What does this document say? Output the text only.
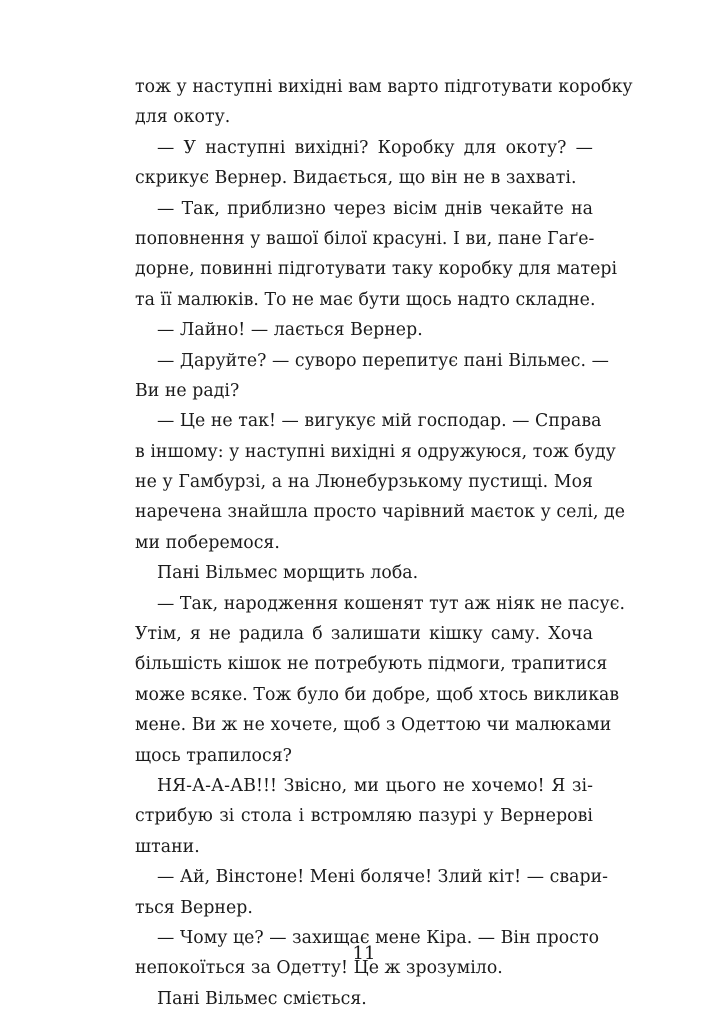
тож у наступні вихідні вам варто підготувати коробку
для окоту.
— У наступні вихідні? Коробку для окоту? —
скрикує Вернер. Видається, що він не в захваті.
— Так, приблизно через вісім днів чекайте на
поповнення у вашої білої красуні. І ви, пане Гаґе-
дорне, повинні підготувати таку коробку для матері
та її малюків. То не має бути щось надто складне.
— Лайно! — лається Вернер.
— Даруйте? — суворо перепитує пані Вільмес. —
Ви не раді?
— Це не так! — вигукує мій господар. — Справа
в іншому: у наступні вихідні я одружуюся, тож буду
не у Гамбурзі, а на Люнебурзькому пустищі. Моя
наречена знайшла просто чарівний маєток у селі, де
ми поберемося.
Пані Вільмес морщить лоба.
— Так, народження кошенят тут аж ніяк не пасує.
Утім, я не радила б залишати кішку саму. Хоча
більшість кішок не потребують підмоги, трапитися
може всяке. Тож було би добре, щоб хтось викликав
мене. Ви ж не хочете, щоб з Одеттою чи малюками
щось трапилося?
НЯ-А-А-АВ!!! Звісно, ми цього не хочемо! Я зі-
стрибую зі стола і встромляю пазурі у Вернерові
штани.
— Ай, Вінстоне! Мені боляче! Злий кіт! — свари-
ться Вернер.
— Чому це? — захищає мене Кіра. — Він просто
непокоїться за Одетту! Це ж зрозуміло.
Пані Вільмес сміється.
11
